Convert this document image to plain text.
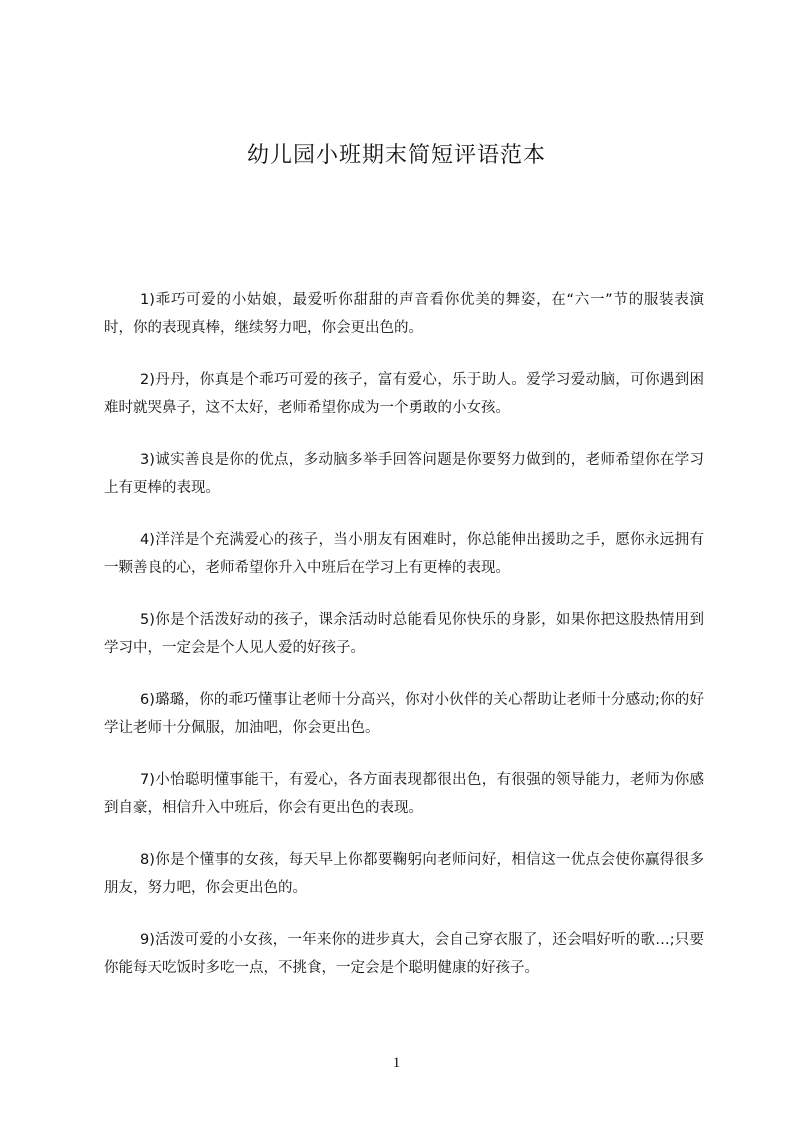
幼儿园小班期末简短评语范本

1)乖巧可爱的小姑娘，最爱听你甜甜的声音看你优美的舞姿，在“六一”节的服装表演时，你的表现真棒，继续努力吧，你会更出色的。

2)丹丹，你真是个乖巧可爱的孩子，富有爱心，乐于助人。爱学习爱动脑，可你遇到困难时就哭鼻子，这不太好，老师希望你成为一个勇敢的小女孩。

3)诚实善良是你的优点，多动脑多举手回答问题是你要努力做到的，老师希望你在学习上有更棒的表现。

4)洋洋是个充满爱心的孩子，当小朋友有困难时，你总能伸出援助之手，愿你永远拥有一颗善良的心，老师希望你升入中班后在学习上有更棒的表现。

5)你是个活泼好动的孩子，课余活动时总能看见你快乐的身影，如果你把这股热情用到学习中，一定会是个人见人爱的好孩子。

6)璐璐，你的乖巧懂事让老师十分高兴，你对小伙伴的关心帮助让老师十分感动;你的好学让老师十分佩服，加油吧，你会更出色。

7)小怡聪明懂事能干，有爱心，各方面表现都很出色，有很强的领导能力，老师为你感到自豪，相信升入中班后，你会有更出色的表现。

8)你是个懂事的女孩，每天早上你都要鞠躬向老师问好，相信这一优点会使你赢得很多朋友，努力吧，你会更出色的。

9)活泼可爱的小女孩，一年来你的进步真大，会自己穿衣服了，还会唱好听的歌…;只要你能每天吃饭时多吃一点，不挑食，一定会是个聪明健康的好孩子。

1
